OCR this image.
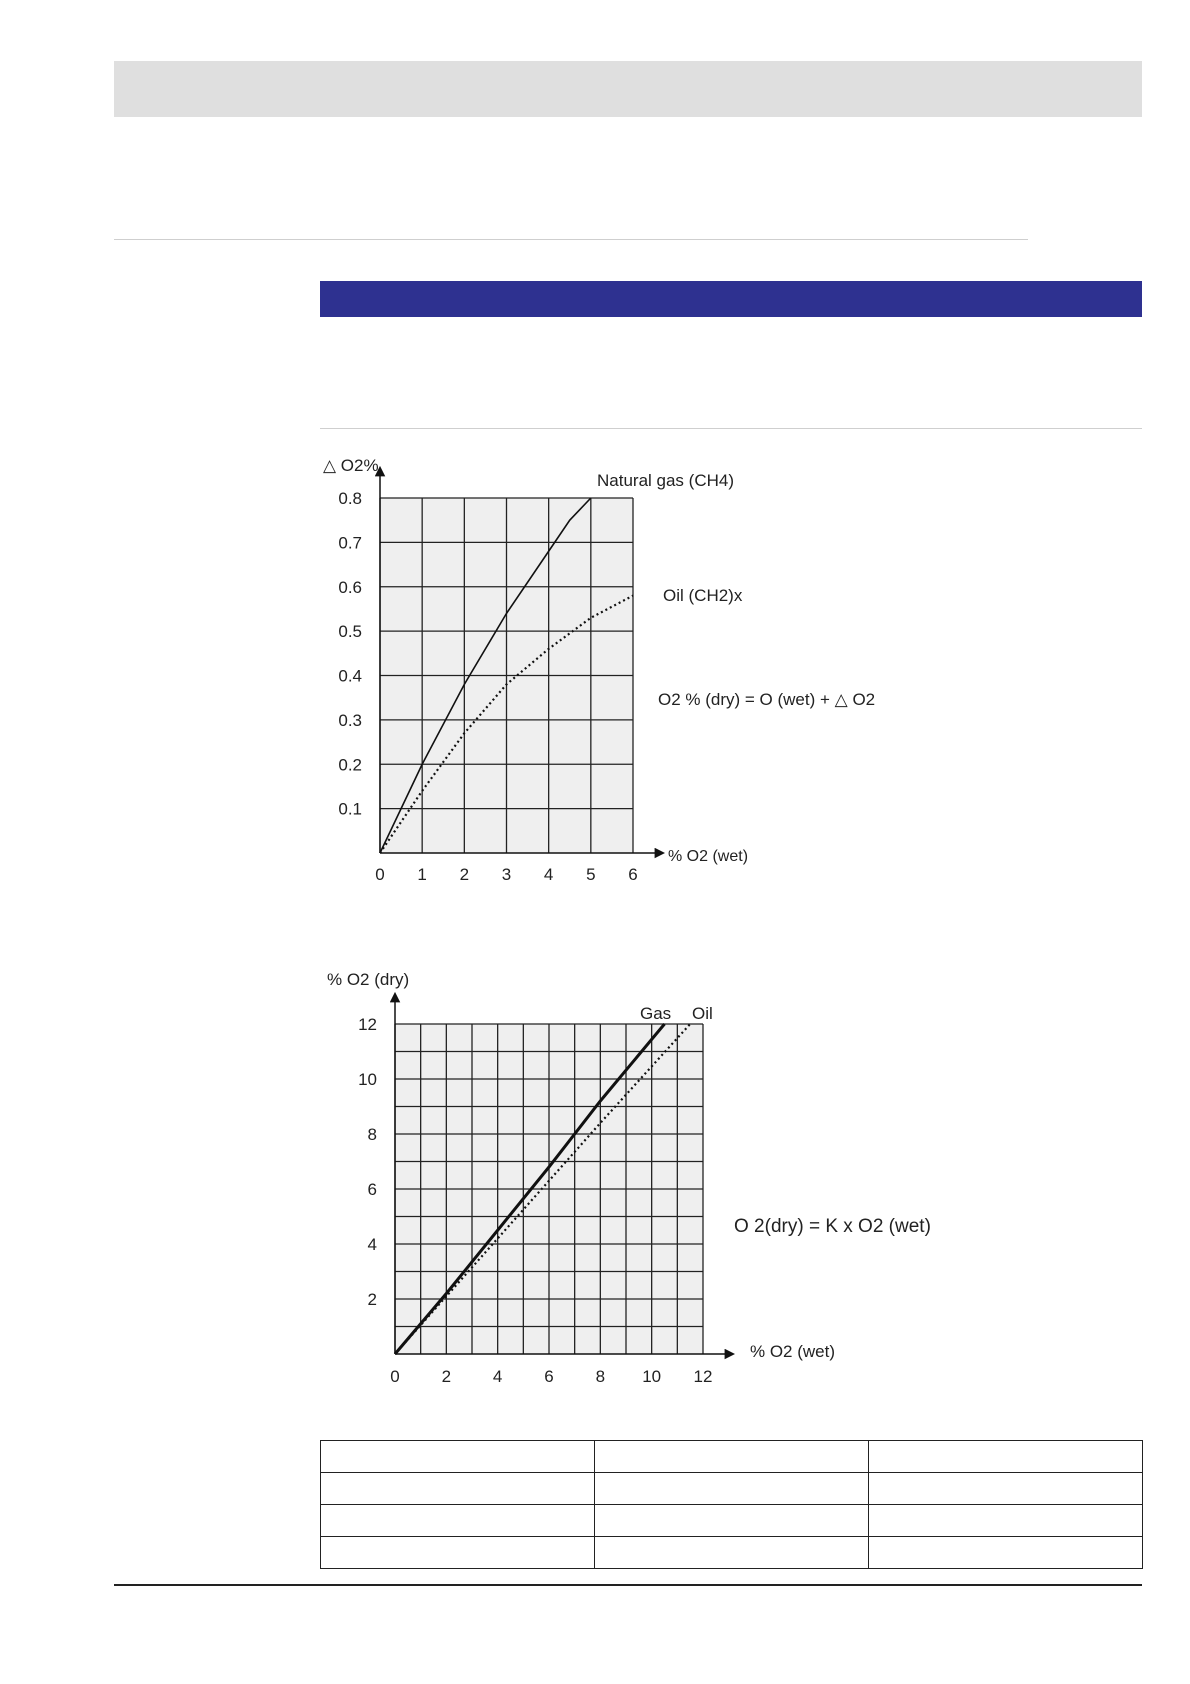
0 1 2 3 4 5 6
0.1
0.2
0.3
0.4
0.5
0.6
0.7
0.8
△ O2%
% O2 (wet)
Natural gas (CH4)
Oil (CH2)x
O2 % (dry) = O (wet) + △ O2
0 2 4 6 8 10 12
2
4
6
8
10
12
% O2 (dry)
% O2 (wet)
Gas Oil
O 2(dry) = K x O2 (wet)
